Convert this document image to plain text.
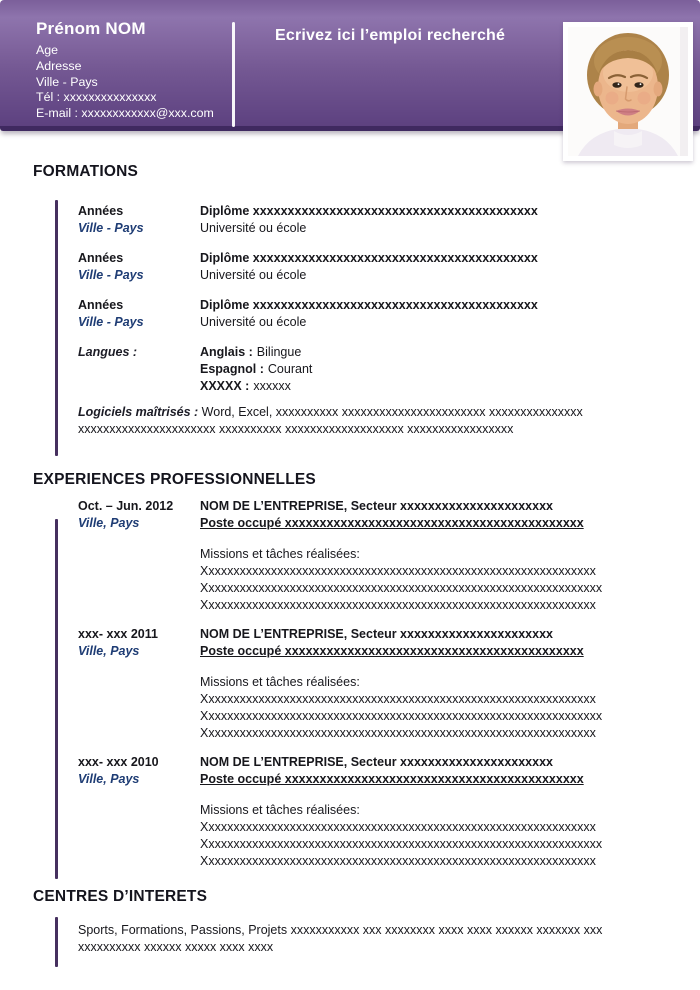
Prénom NOM
Age
Adresse
Ville - Pays
Tél : xxxxxxxxxxxxxxx
E-mail : xxxxxxxxxxxx@xxx.com
Ecrivez ici l’emploi recherché
FORMATIONS
Années
Ville - Pays
Diplôme xxxxxxxxxxxxxxxxxxxxxxxxxxxxxxxxxxxxxxxxx
Université ou école
Années
Ville - Pays
Diplôme xxxxxxxxxxxxxxxxxxxxxxxxxxxxxxxxxxxxxxxxx
Université ou école
Années
Ville - Pays
Diplôme xxxxxxxxxxxxxxxxxxxxxxxxxxxxxxxxxxxxxxxxx
Université ou école
Langues :	Anglais : Bilingue
Espagnol : Courant
XXXXX : xxxxxx

Logiciels maîtrisés : Word, Excel, xxxxxxxxxx xxxxxxxxxxxxxxxxxxxxxxx xxxxxxxxxxxxxxx
xxxxxxxxxxxxxxxxxxxxxx xxxxxxxxxx xxxxxxxxxxxxxxxxxxx xxxxxxxxxxxxxxxxx

EXPERIENCES PROFESSIONNELLES
Oct. – Jun. 2012
Ville, Pays
NOM DE L’ENTREPRISE, Secteur xxxxxxxxxxxxxxxxxxxxxx
Poste occupé xxxxxxxxxxxxxxxxxxxxxxxxxxxxxxxxxxxxxxxxxxx
Missions et tâches réalisées:
Xxxxxxxxxxxxxxxxxxxxxxxxxxxxxxxxxxxxxxxxxxxxxxxxxxxxxxxxxxxxxxx
Xxxxxxxxxxxxxxxxxxxxxxxxxxxxxxxxxxxxxxxxxxxxxxxxxxxxxxxxxxxxxxxx
Xxxxxxxxxxxxxxxxxxxxxxxxxxxxxxxxxxxxxxxxxxxxxxxxxxxxxxxxxxxxxxx
xxx- xxx 2011
Ville, Pays
NOM DE L’ENTREPRISE, Secteur xxxxxxxxxxxxxxxxxxxxxx
Poste occupé xxxxxxxxxxxxxxxxxxxxxxxxxxxxxxxxxxxxxxxxxxx
Missions et tâches réalisées:
Xxxxxxxxxxxxxxxxxxxxxxxxxxxxxxxxxxxxxxxxxxxxxxxxxxxxxxxxxxxxxxx
Xxxxxxxxxxxxxxxxxxxxxxxxxxxxxxxxxxxxxxxxxxxxxxxxxxxxxxxxxxxxxxxx
Xxxxxxxxxxxxxxxxxxxxxxxxxxxxxxxxxxxxxxxxxxxxxxxxxxxxxxxxxxxxxxx
xxx- xxx 2010
Ville, Pays
NOM DE L’ENTREPRISE, Secteur xxxxxxxxxxxxxxxxxxxxxx
Poste occupé xxxxxxxxxxxxxxxxxxxxxxxxxxxxxxxxxxxxxxxxxxx
Missions et tâches réalisées:
Xxxxxxxxxxxxxxxxxxxxxxxxxxxxxxxxxxxxxxxxxxxxxxxxxxxxxxxxxxxxxxx
Xxxxxxxxxxxxxxxxxxxxxxxxxxxxxxxxxxxxxxxxxxxxxxxxxxxxxxxxxxxxxxxx
Xxxxxxxxxxxxxxxxxxxxxxxxxxxxxxxxxxxxxxxxxxxxxxxxxxxxxxxxxxxxxxx
CENTRES D’INTERETS

Sports, Formations, Passions, Projets xxxxxxxxxxx xxx xxxxxxxx xxxx xxxx xxxxxx xxxxxxx xxx
xxxxxxxxxx xxxxxx xxxxx xxxx xxxx
